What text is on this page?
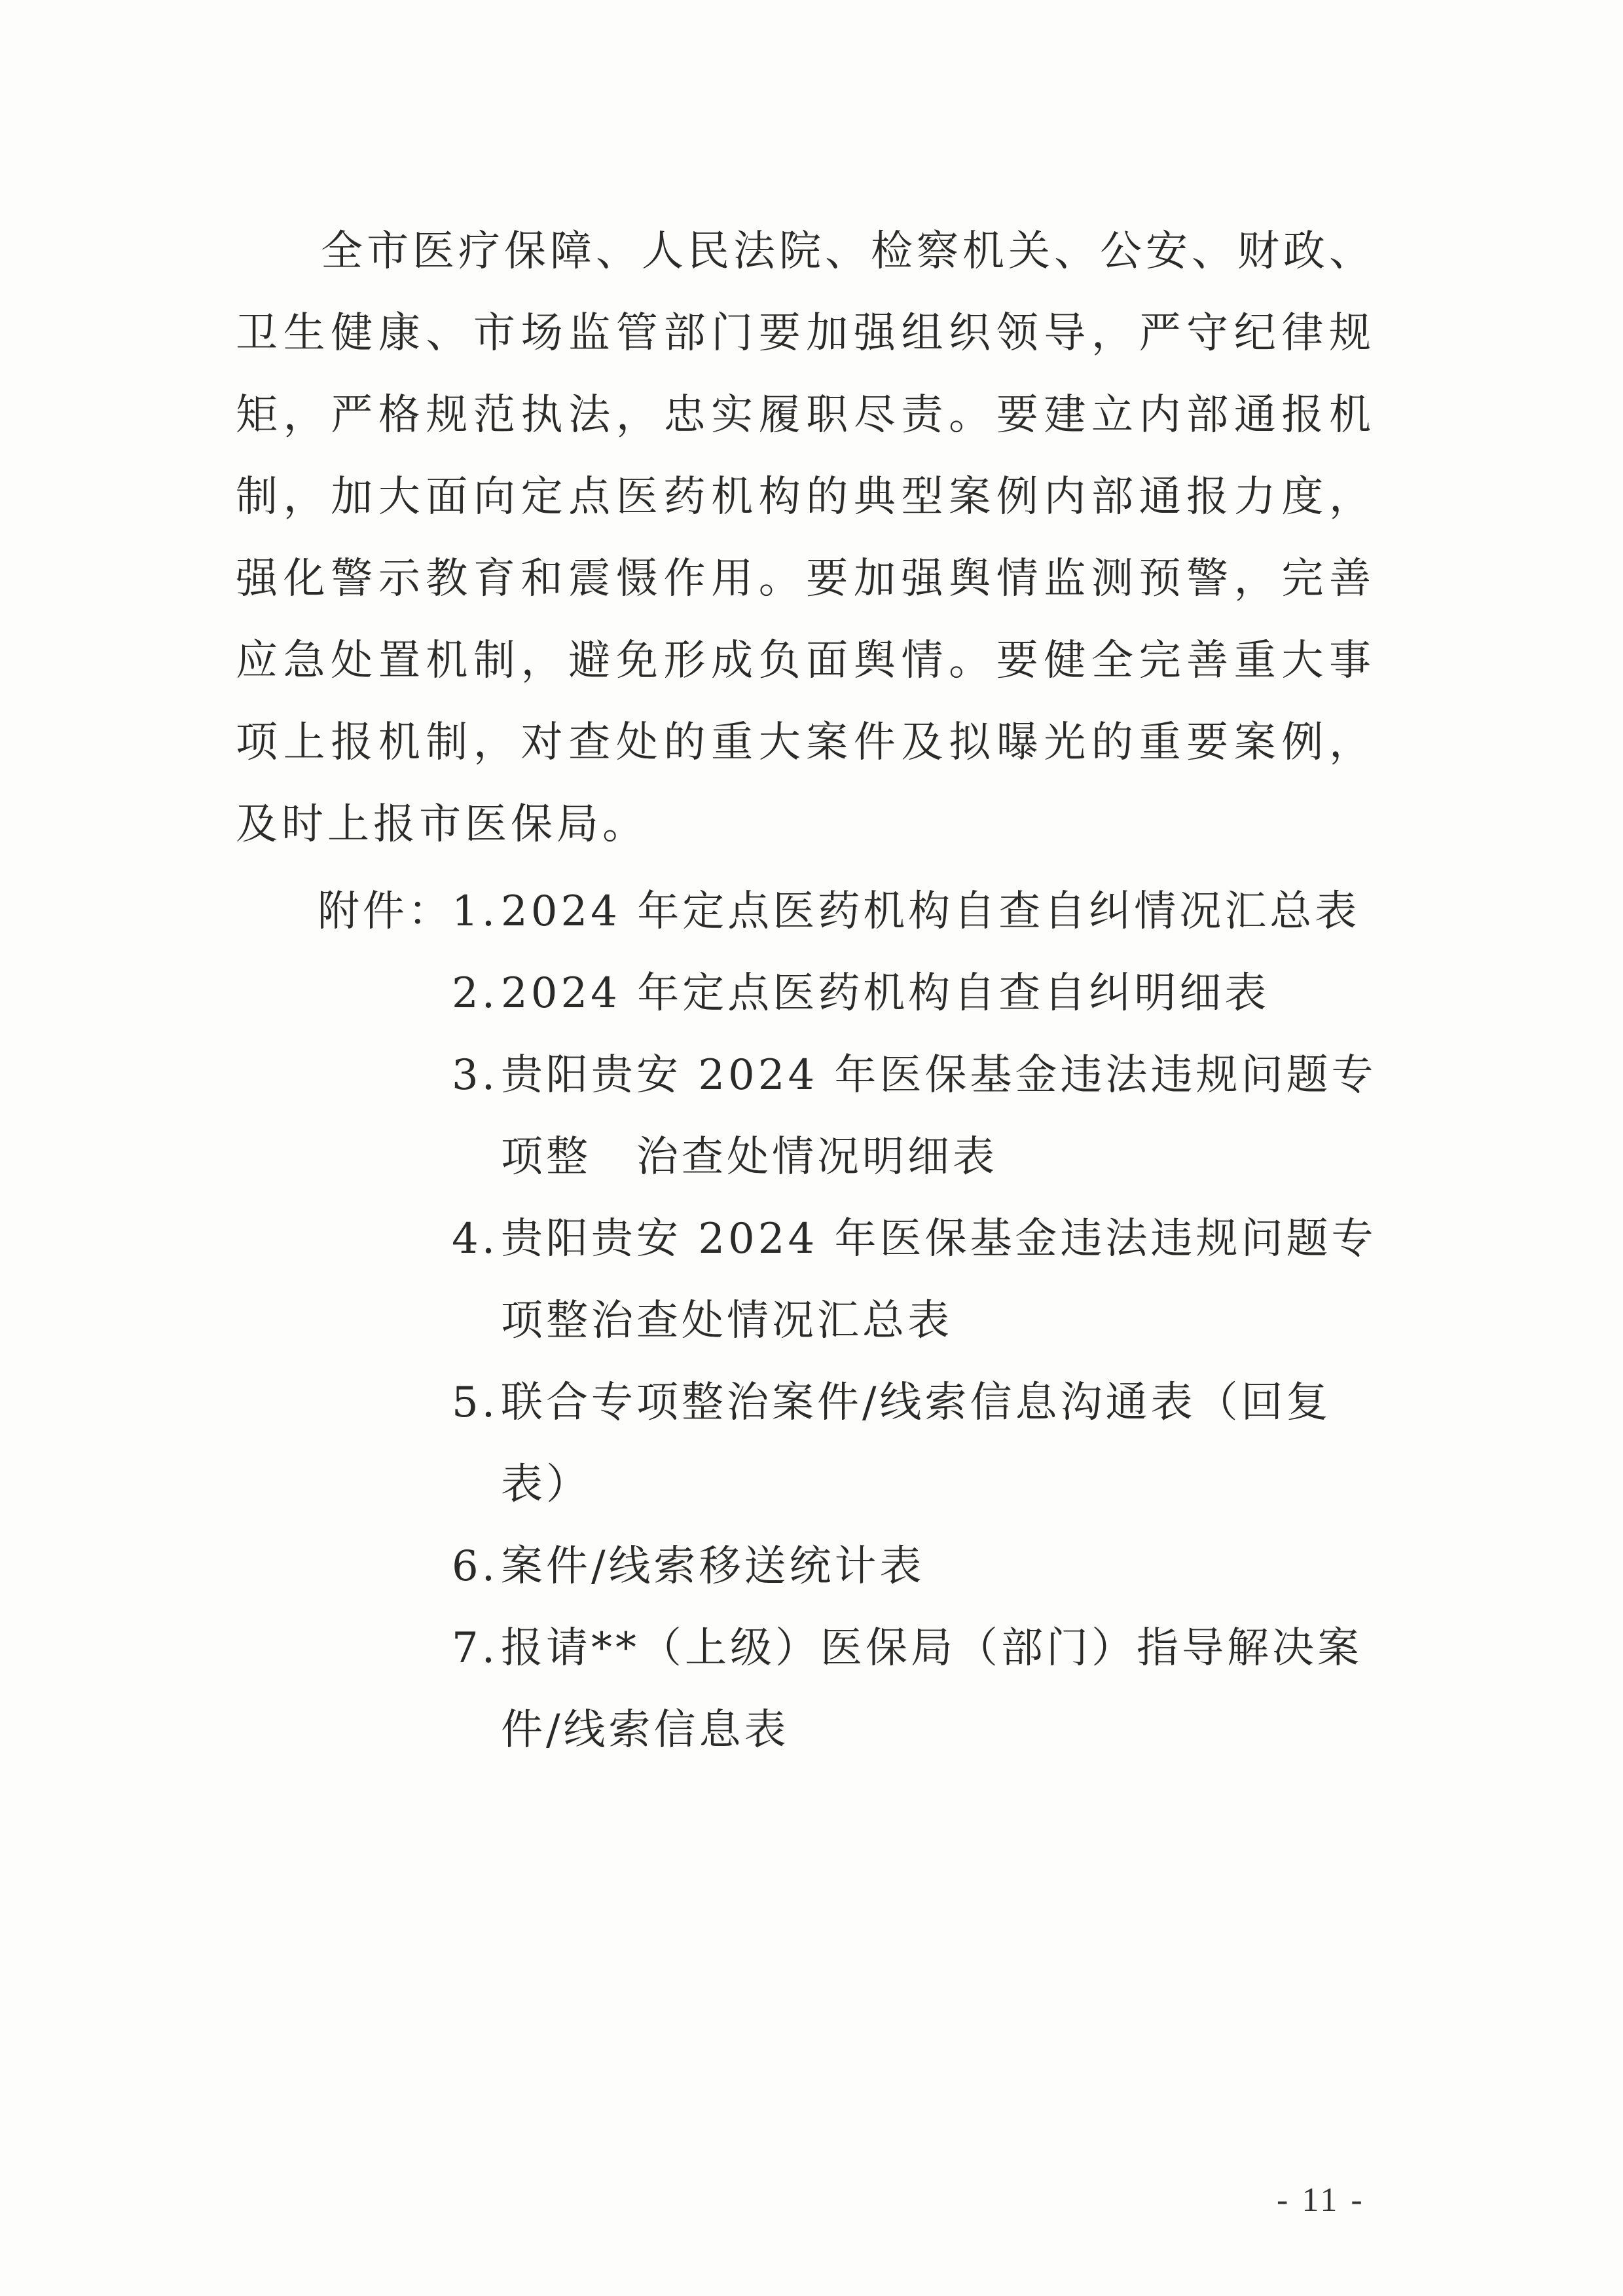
全市医疗保障、人民法院、检察机关、公安、财政、卫生健康、市场监管部门要加强组织领导，严守纪律规矩，严格规范执法，忠实履职尽责。要建立内部通报机制，加大面向定点医药机构的典型案例内部通报力度，强化警示教育和震慑作用。要加强舆情监测预警，完善应急处置机制，避免形成负面舆情。要健全完善重大事项上报机制，对查处的重大案件及拟曝光的重要案例，及时上报市医保局。

附件：
1. 2024 年定点医药机构自查自纠情况汇总表
2. 2024 年定点医药机构自查自纠明细表
3. 贵阳贵安 2024 年医保基金违法违规问题专项整　治查处情况明细表
4. 贵阳贵安 2024 年医保基金违法违规问题专项整治查处情况汇总表
5. 联合专项整治案件/线索信息沟通表（回复表）
6. 案件/线索移送统计表
7. 报请**（上级）医保局（部门）指导解决案件/线索信息表
- 11 -
